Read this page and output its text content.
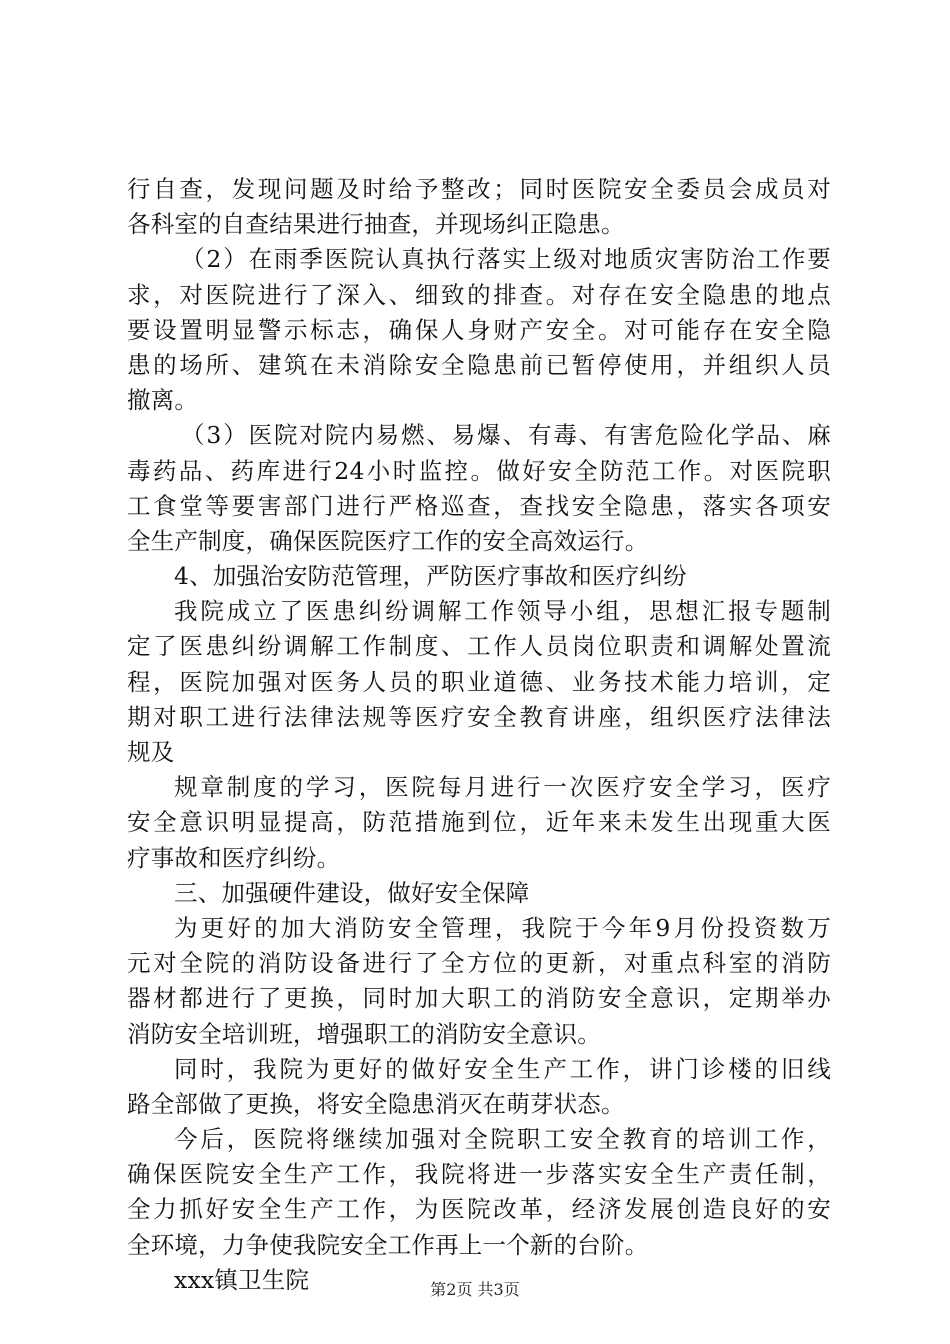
行自查，发现问题及时给予整改；同时医院安全委员会成员对
各科室的自查结果进行抽查，并现场纠正隐患。
（2）在雨季医院认真执行落实上级对地质灾害防治工作要
求，对医院进行了深入、细致的排查。对存在安全隐患的地点
要设置明显警示标志，确保人身财产安全。对可能存在安全隐
患的场所、建筑在未消除安全隐患前已暂停使用，并组织人员
撤离。
（3）医院对院内易燃、易爆、有毒、有害危险化学品、麻
毒药品、药库进行24小时监控。做好安全防范工作。对医院职
工食堂等要害部门进行严格巡查，查找安全隐患，落实各项安
全生产制度，确保医院医疗工作的安全高效运行。
4、加强治安防范管理，严防医疗事故和医疗纠纷
我院成立了医患纠纷调解工作领导小组，思想汇报专题制
定了医患纠纷调解工作制度、工作人员岗位职责和调解处置流
程，医院加强对医务人员的职业道德、业务技术能力培训，定
期对职工进行法律法规等医疗安全教育讲座，组织医疗法律法
规及
规章制度的学习，医院每月进行一次医疗安全学习，医疗
安全意识明显提高，防范措施到位，近年来未发生出现重大医
疗事故和医疗纠纷。
三、加强硬件建设，做好安全保障
为更好的加大消防安全管理，我院于今年9月份投资数万
元对全院的消防设备进行了全方位的更新，对重点科室的消防
器材都进行了更换，同时加大职工的消防安全意识，定期举办
消防安全培训班，增强职工的消防安全意识。
同时，我院为更好的做好安全生产工作，讲门诊楼的旧线
路全部做了更换，将安全隐患消灭在萌芽状态。
今后，医院将继续加强对全院职工安全教育的培训工作，
确保医院安全生产工作，我院将进一步落实安全生产责任制，
全力抓好安全生产工作，为医院改革，经济发展创造良好的安
全环境，力争使我院安全工作再上一个新的台阶。
xxx镇卫生院	第2页 共3页
